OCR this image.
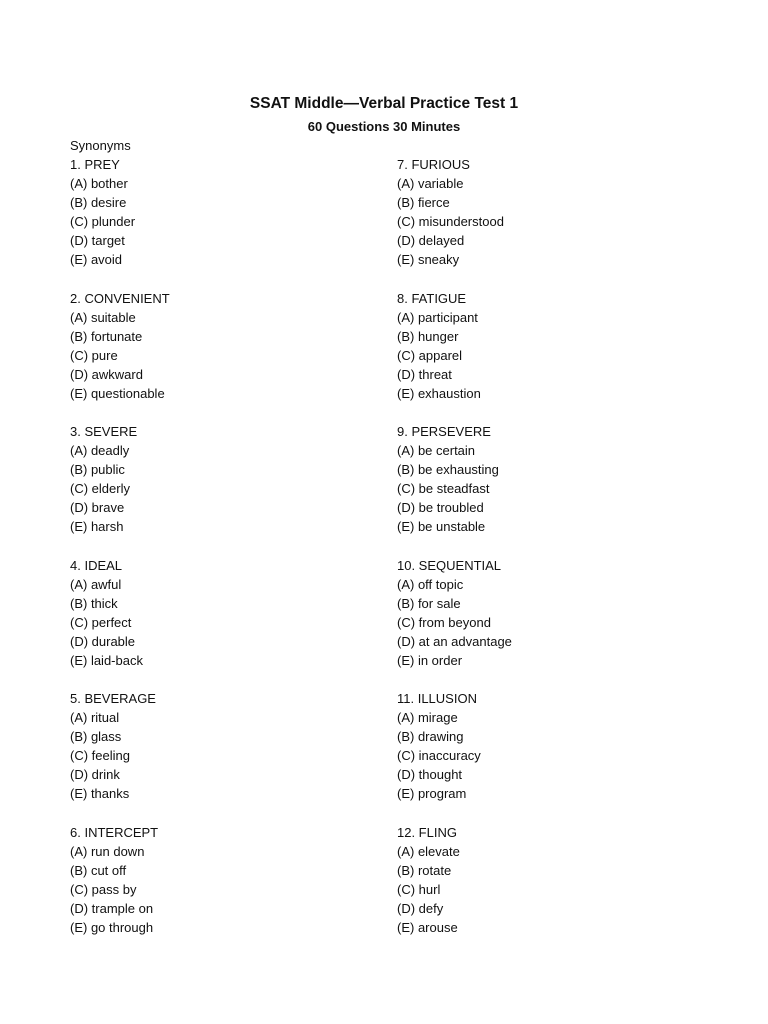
SSAT Middle—Verbal Practice Test 1
60 Questions 30 Minutes
Synonyms
1. PREY
(A) bother
(B) desire
(C) plunder
(D) target
(E) avoid
2. CONVENIENT
(A) suitable
(B) fortunate
(C) pure
(D) awkward
(E) questionable
3. SEVERE
(A) deadly
(B) public
(C) elderly
(D) brave
(E) harsh
4. IDEAL
(A) awful
(B) thick
(C) perfect
(D) durable
(E) laid-back
5. BEVERAGE
(A) ritual
(B) glass
(C) feeling
(D) drink
(E) thanks
6. INTERCEPT
(A) run down
(B) cut off
(C) pass by
(D) trample on
(E) go through
7. FURIOUS
(A) variable
(B) fierce
(C) misunderstood
(D) delayed
(E) sneaky
8. FATIGUE
(A) participant
(B) hunger
(C) apparel
(D) threat
(E) exhaustion
9. PERSEVERE
(A) be certain
(B) be exhausting
(C) be steadfast
(D) be troubled
(E) be unstable
10. SEQUENTIAL
(A) off topic
(B) for sale
(C) from beyond
(D) at an advantage
(E) in order
11. ILLUSION
(A) mirage
(B) drawing
(C) inaccuracy
(D) thought
(E) program
12. FLING
(A) elevate
(B) rotate
(C) hurl
(D) defy
(E) arouse
